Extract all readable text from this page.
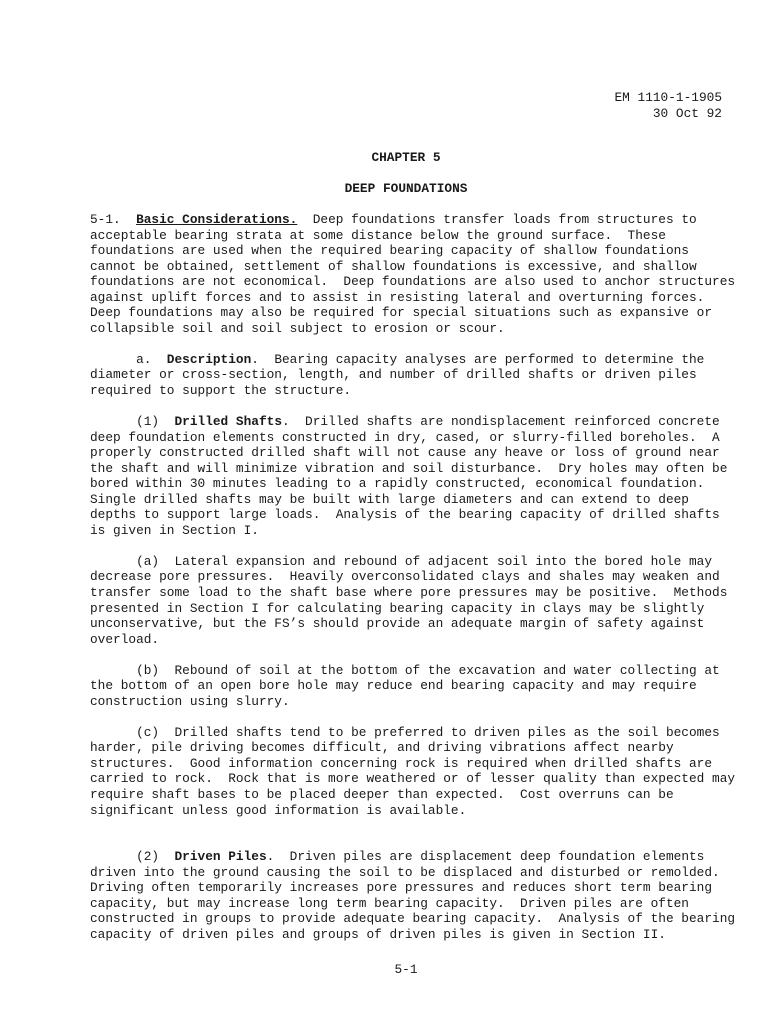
EM 1110-1-1905
30 Oct 92
CHAPTER 5
DEEP FOUNDATIONS
5-1.  Basic Considerations.  Deep foundations transfer loads from structures to
acceptable bearing strata at some distance below the ground surface.  These
foundations are used when the required bearing capacity of shallow foundations
cannot be obtained, settlement of shallow foundations is excessive, and shallow
foundations are not economical.  Deep foundations are also used to anchor structures
against uplift forces and to assist in resisting lateral and overturning forces.
Deep foundations may also be required for special situations such as expansive or
collapsible soil and soil subject to erosion or scour.
a.  Description.  Bearing capacity analyses are performed to determine the
diameter or cross-section, length, and number of drilled shafts or driven piles
required to support the structure.
(1)  Drilled Shafts.  Drilled shafts are nondisplacement reinforced concrete
deep foundation elements constructed in dry, cased, or slurry-filled boreholes.  A
properly constructed drilled shaft will not cause any heave or loss of ground near
the shaft and will minimize vibration and soil disturbance.  Dry holes may often be
bored within 30 minutes leading to a rapidly constructed, economical foundation.
Single drilled shafts may be built with large diameters and can extend to deep
depths to support large loads.  Analysis of the bearing capacity of drilled shafts
is given in Section I.
(a)  Lateral expansion and rebound of adjacent soil into the bored hole may
decrease pore pressures.  Heavily overconsolidated clays and shales may weaken and
transfer some load to the shaft base where pore pressures may be positive.  Methods
presented in Section I for calculating bearing capacity in clays may be slightly
unconservative, but the FS’s should provide an adequate margin of safety against
overload.
(b)  Rebound of soil at the bottom of the excavation and water collecting at
the bottom of an open bore hole may reduce end bearing capacity and may require
construction using slurry.
(c)  Drilled shafts tend to be preferred to driven piles as the soil becomes
harder, pile driving becomes difficult, and driving vibrations affect nearby
structures.  Good information concerning rock is required when drilled shafts are
carried to rock.  Rock that is more weathered or of lesser quality than expected may
require shaft bases to be placed deeper than expected.  Cost overruns can be
significant unless good information is available.
(2)  Driven Piles.  Driven piles are displacement deep foundation elements
driven into the ground causing the soil to be displaced and disturbed or remolded.
Driving often temporarily increases pore pressures and reduces short term bearing
capacity, but may increase long term bearing capacity.  Driven piles are often
constructed in groups to provide adequate bearing capacity.  Analysis of the bearing
capacity of driven piles and groups of driven piles is given in Section II.
5-1
